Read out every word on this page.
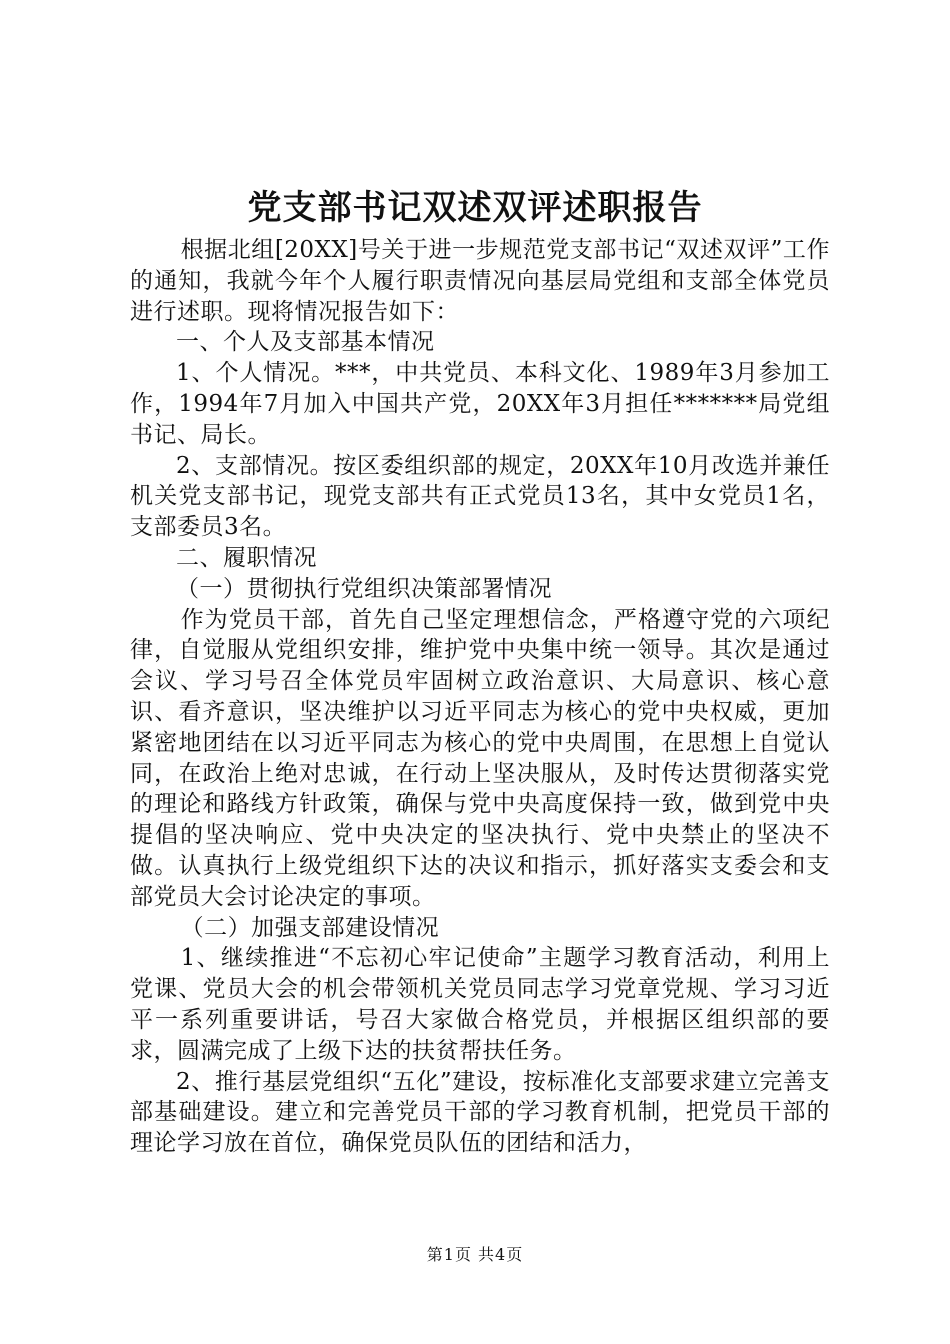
党支部书记双述双评述职报告

根据北组[20XX]号关于进一步规范党支部书记“双述双评”工作的通知，我就今年个人履行职责情况向基层局党组和支部全体党员进行述职。现将情况报告如下：

一、个人及支部基本情况

1、个人情况。***，中共党员、本科文化、1989年3月参加工作，1994年7月加入中国共产党，20XX年3月担任*******局党组书记、局长。

2、支部情况。按区委组织部的规定，20XX年10月改选并兼任机关党支部书记，现党支部共有正式党员13名，其中女党员1名，支部委员3名。

二、履职情况

（一）贯彻执行党组织决策部署情况

作为党员干部，首先自己坚定理想信念，严格遵守党的六项纪律，自觉服从党组织安排，维护党中央集中统一领导。其次是通过会议、学习号召全体党员牢固树立政治意识、大局意识、核心意识、看齐意识，坚决维护以习近平同志为核心的党中央权威，更加紧密地团结在以习近平同志为核心的党中央周围，在思想上自觉认同，在政治上绝对忠诚，在行动上坚决服从，及时传达贯彻落实党的理论和路线方针政策，确保与党中央高度保持一致，做到党中央提倡的坚决响应、党中央决定的坚决执行、党中央禁止的坚决不做。认真执行上级党组织下达的决议和指示，抓好落实支委会和支部党员大会讨论决定的事项。

（二）加强支部建设情况

1、继续推进“不忘初心牢记使命”主题学习教育活动，利用上党课、党员大会的机会带领机关党员同志学习党章党规、学习习近平一系列重要讲话，号召大家做合格党员，并根据区组织部的要求，圆满完成了上级下达的扶贫帮扶任务。

2、推行基层党组织“五化”建设，按标准化支部要求建立完善支部基础建设。建立和完善党员干部的学习教育机制，把党员干部的理论学习放在首位，确保党员队伍的团结和活力，

第1页 共4页
